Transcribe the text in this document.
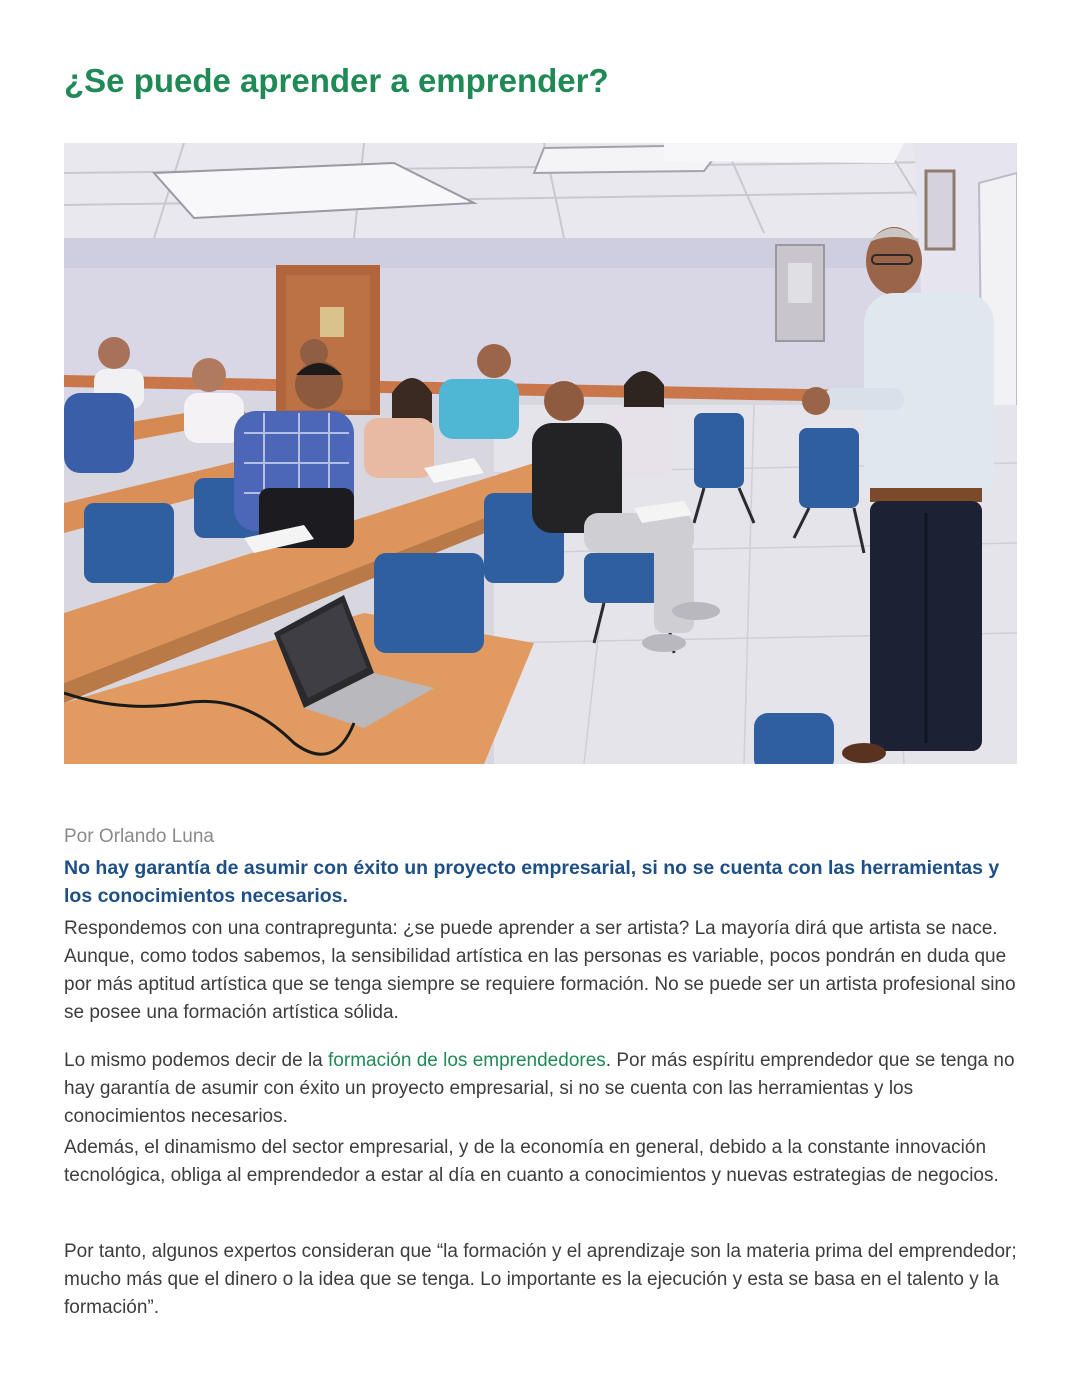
¿Se puede aprender a emprender?
Por Orlando Luna

No hay garantía de asumir con éxito un proyecto empresarial, si no se cuenta con las herramientas y los conocimientos necesarios.

Respondemos con una contrapregunta: ¿se puede aprender a ser artista? La mayoría dirá que artista se nace. Aunque, como todos sabemos, la sensibilidad artística en las personas es variable, pocos pondrán en duda que por más aptitud artística que se tenga siempre se requiere formación. No se puede ser un artista profesional sino se posee una formación artística sólida.

Lo mismo podemos decir de la formación de los emprendedores. Por más espíritu emprendedor que se tenga no hay garantía de asumir con éxito un proyecto empresarial, si no se cuenta con las herramientas y los conocimientos necesarios.

Además, el dinamismo del sector empresarial, y de la economía en general, debido a la constante innovación tecnológica, obliga al emprendedor a estar al día en cuanto a conocimientos y nuevas estrategias de negocios.

Por tanto, algunos expertos consideran que “la formación y el aprendizaje son la materia prima del emprendedor; mucho más que el dinero o la idea que se tenga. Lo importante es la ejecución y esta se basa en el talento y la formación”.
